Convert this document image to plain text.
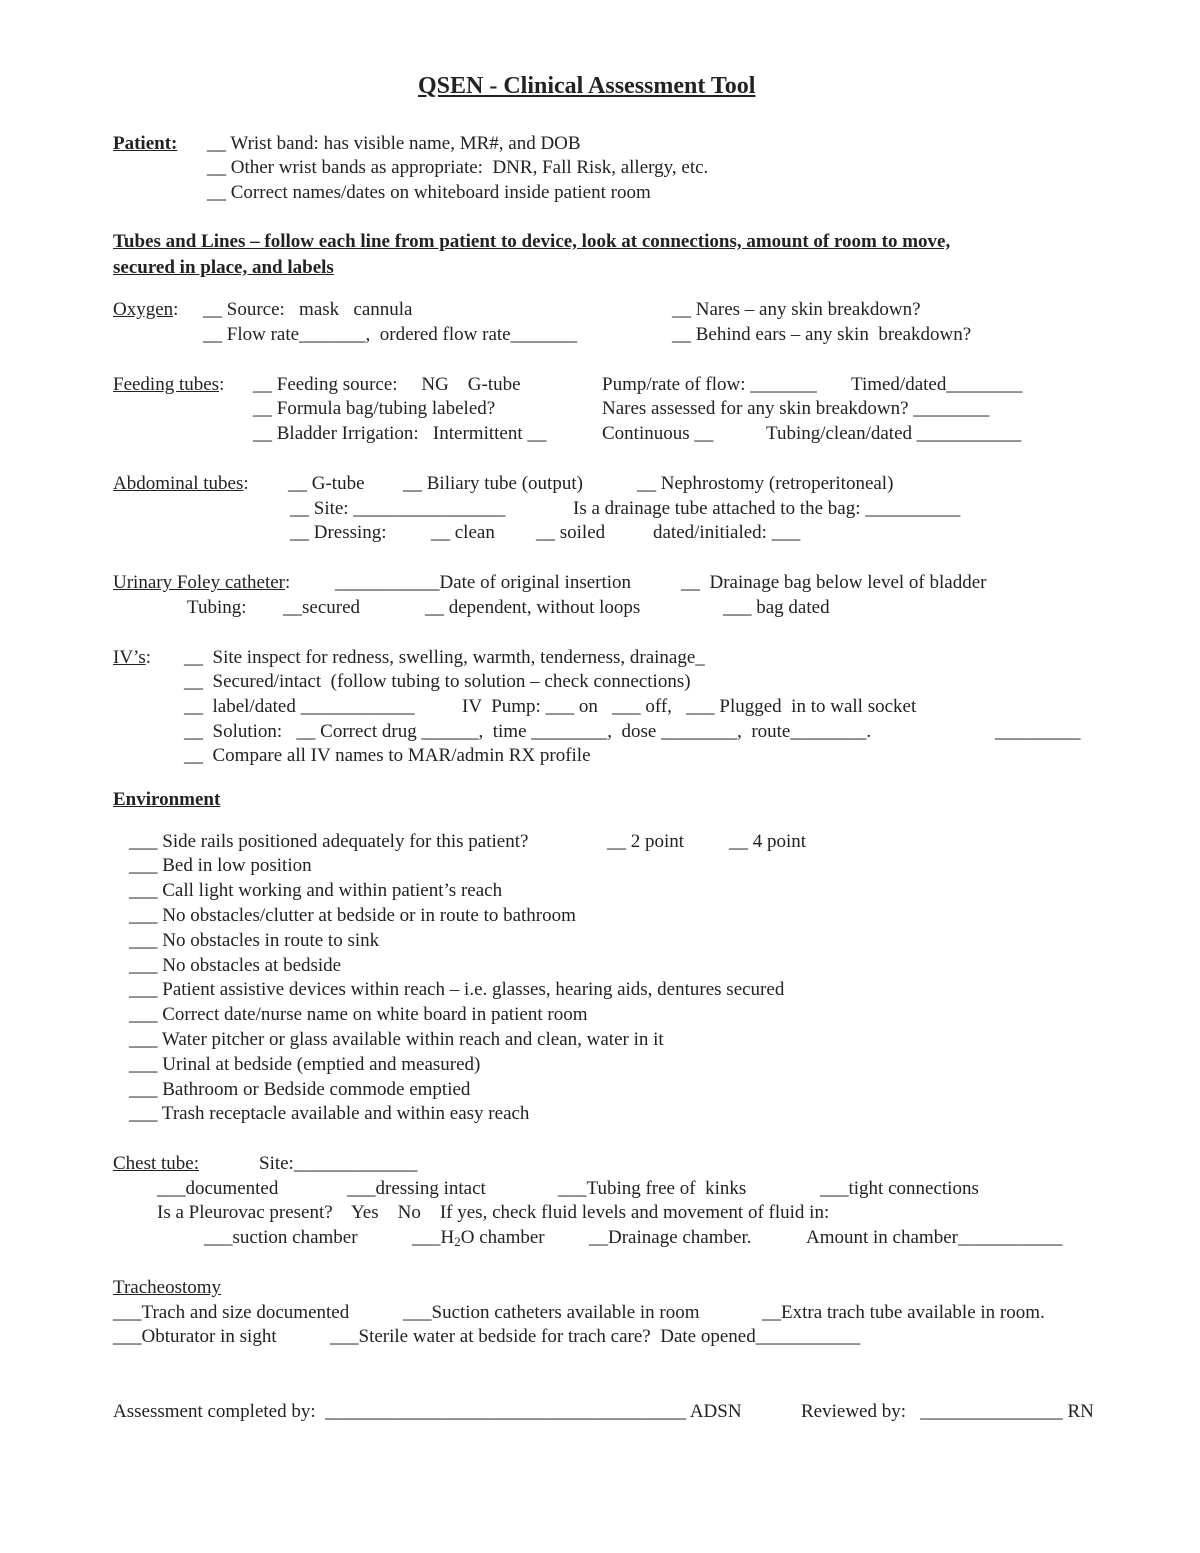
QSEN - Clinical Assessment Tool
Patient: __ Wrist band: has visible name, MR#, and DOB
__ Other wrist bands as appropriate:  DNR, Fall Risk, allergy, etc.
__ Correct names/dates on whiteboard inside patient room
Tubes and Lines – follow each line from patient to device, look at connections, amount of room to move,
secured in place, and labels
Oxygen: __ Source:   mask   cannula	__ Nares – any skin breakdown?
__ Flow rate_______,  ordered flow rate_______	__ Behind ears – any skin  breakdown?
Feeding tubes: __ Feeding source:     NG    G-tube	Pump/rate of flow: _______ Timed/dated________
__ Formula bag/tubing labeled?	Nares assessed for any skin breakdown? ________
__ Bladder Irrigation:   Intermittent __	Continuous __	Tubing/clean/dated ___________
Abdominal tubes: __ G-tube __ Biliary tube (output)	__ Nephrostomy (retroperitoneal)
__ Site: ________________	Is a drainage tube attached to the bag: __________
__ Dressing: __ clean __ soiled	dated/initialed: ___
Urinary Foley catheter: ___________Date of original insertion	__  Drainage bag below level of bladder
Tubing: __secured	__ dependent, without loops	___ bag dated
IV’s: __  Site inspect for redness, swelling, warmth, tenderness, drainage_
__  Secured/intact  (follow tubing to solution – check connections)
__  label/dated ____________ IV  Pump: ___ on   ___ off,   ___ Plugged  in to wall socket
__  Solution:   __ Correct drug ______,  time ________,  dose ________,  route________.	_________
__  Compare all IV names to MAR/admin RX profile
Environment
___ Side rails positioned adequately for this patient?	__ 2 point __ 4 point
___ Bed in low position
___ Call light working and within patient’s reach
___ No obstacles/clutter at bedside or in route to bathroom
___ No obstacles in route to sink
___ No obstacles at bedside
___ Patient assistive devices within reach – i.e. glasses, hearing aids, dentures secured
___ Correct date/nurse name on white board in patient room
___ Water pitcher or glass available within reach and clean, water in it
___ Urinal at bedside (emptied and measured)
___ Bathroom or Bedside commode emptied
___ Trash receptacle available and within easy reach
Chest tube:	Site:_____________
___documented	___dressing intact	___Tubing free of  kinks	___tight connections
Is a Pleurovac present?    Yes    No    If yes, check fluid levels and movement of fluid in:
___suction chamber	$\_\_\_H_2O$ chamber __Drainage chamber.	Amount in chamber___________
Tracheostomy
___Trach and size documented	___Suction catheters available in room	__Extra trach tube available in room.
___Obturator in sight	___Sterile water at bedside for trach care?  Date opened___________
Assessment completed by:  ______________________________________ ADSN	Reviewed by:   _______________ RN
